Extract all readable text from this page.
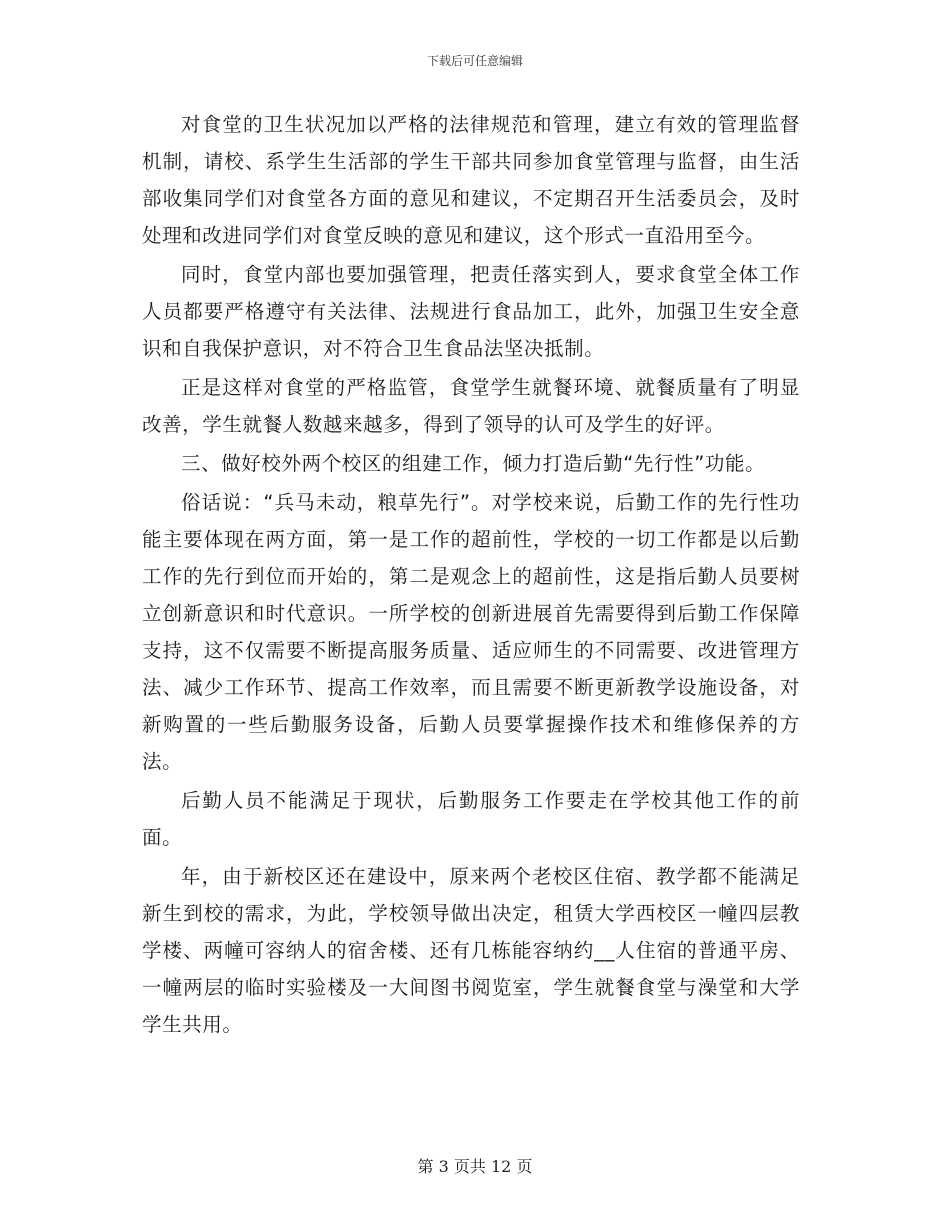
下载后可任意编辑

对食堂的卫生状况加以严格的法律规范和管理，建立有效的管理监督机制，请校、系学生生活部的学生干部共同参加食堂管理与监督，由生活部收集同学们对食堂各方面的意见和建议，不定期召开生活委员会，及时处理和改进同学们对食堂反映的意见和建议，这个形式一直沿用至今。

同时，食堂内部也要加强管理，把责任落实到人，要求食堂全体工作人员都要严格遵守有关法律、法规进行食品加工，此外，加强卫生安全意识和自我保护意识，对不符合卫生食品法坚决抵制。

正是这样对食堂的严格监管，食堂学生就餐环境、就餐质量有了明显改善，学生就餐人数越来越多，得到了领导的认可及学生的好评。

三、做好校外两个校区的组建工作，倾力打造后勤“先行性”功能。

俗话说：“兵马未动，粮草先行”。对学校来说，后勤工作的先行性功能主要体现在两方面，第一是工作的超前性，学校的一切工作都是以后勤工作的先行到位而开始的，第二是观念上的超前性，这是指后勤人员要树立创新意识和时代意识。一所学校的创新进展首先需要得到后勤工作保障支持，这不仅需要不断提高服务质量、适应师生的不同需要、改进管理方法、减少工作环节、提高工作效率，而且需要不断更新教学设施设备，对新购置的一些后勤服务设备，后勤人员要掌握操作技术和维修保养的方法。

后勤人员不能满足于现状，后勤服务工作要走在学校其他工作的前面。

年，由于新校区还在建设中，原来两个老校区住宿、教学都不能满足新生到校的需求，为此，学校领导做出决定，租赁大学西校区一幢四层教学楼、两幢可容纳人的宿舍楼、还有几栋能容纳约__人住宿的普通平房、一幢两层的临时实验楼及一大间图书阅览室，学生就餐食堂与澡堂和大学学生共用。

第 3 页共 12 页
